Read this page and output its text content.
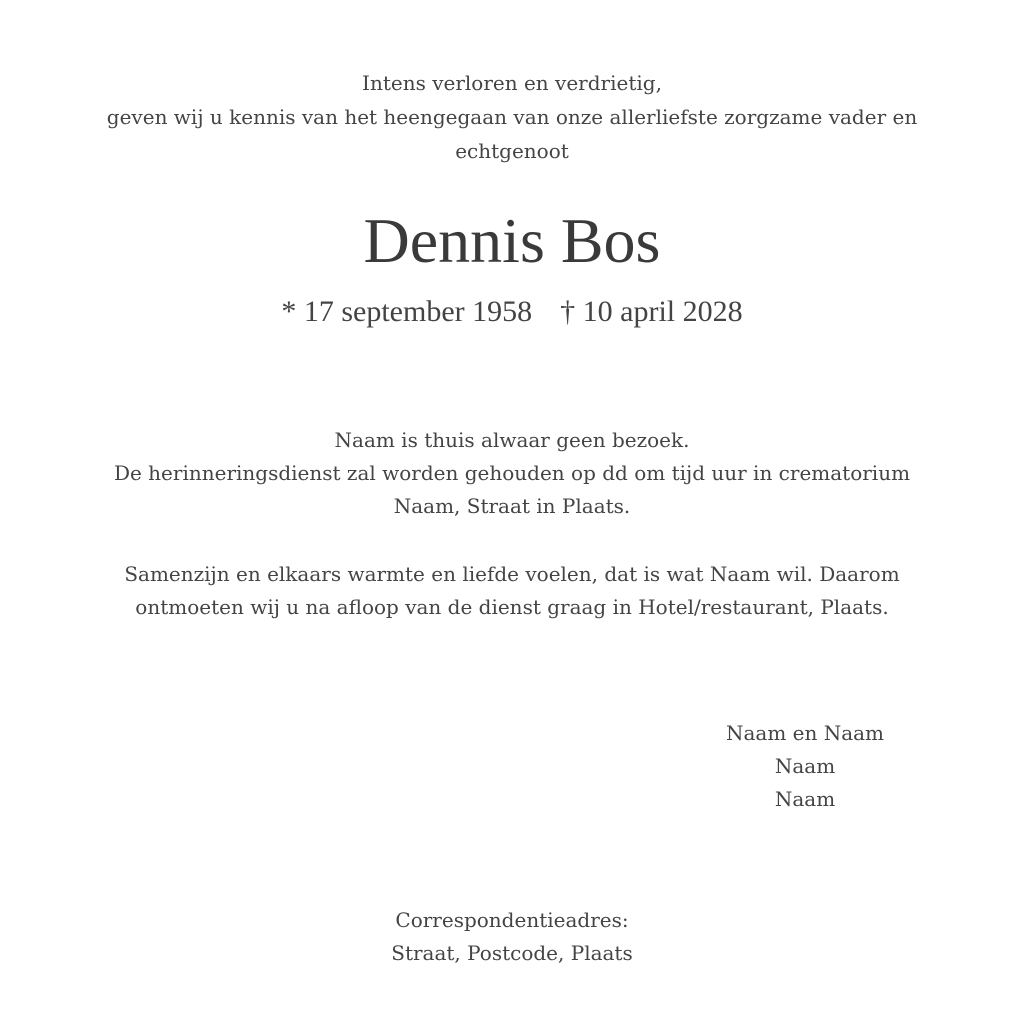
Intens verloren en verdrietig,
geven wij u kennis van het heengegaan van onze allerliefste zorgzame vader en
echtgenoot
Dennis Bos
* 17 september 1958 † 10 april 2028
Naam is thuis alwaar geen bezoek.
De herinneringsdienst zal worden gehouden op dd om tijd uur in crematorium
Naam, Straat in Plaats.
Samenzijn en elkaars warmte en liefde voelen, dat is wat Naam wil. Daarom
ontmoeten wij u na afloop van de dienst graag in Hotel/restaurant, Plaats.
Naam en Naam
Naam
Naam
Correspondentieadres:
Straat, Postcode, Plaats
